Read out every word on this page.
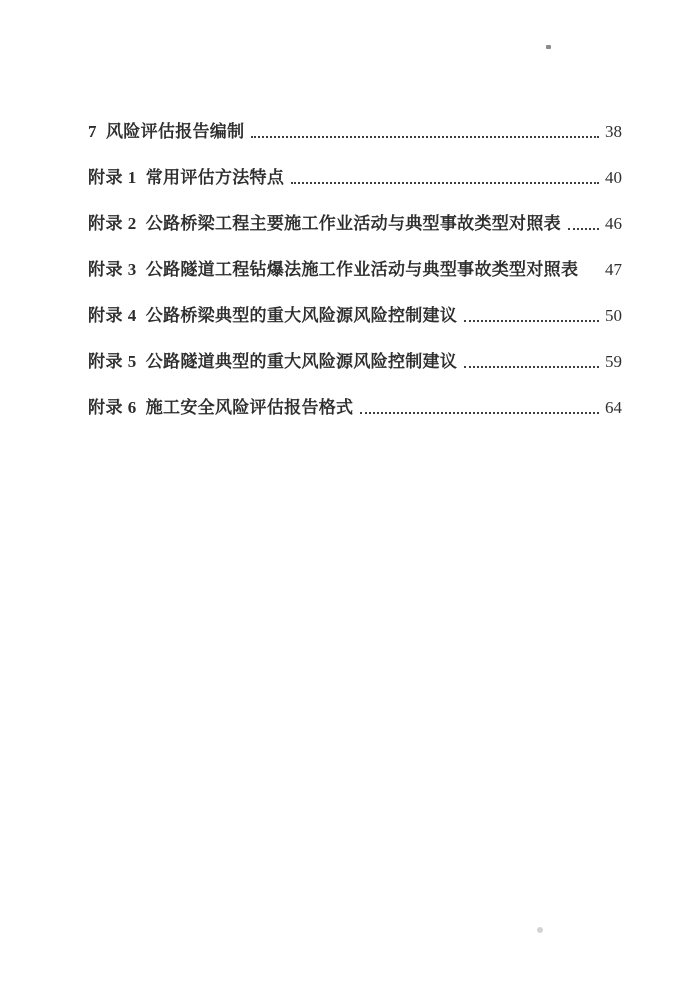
7 风险评估报告编制	38
附录 1 常用评估方法特点	40
附录 2 公路桥梁工程主要施工作业活动与典型事故类型对照表	46
附录 3 公路隧道工程钻爆法施工作业活动与典型事故类型对照表 47
附录 4 公路桥梁典型的重大风险源风险控制建议	50
附录 5 公路隧道典型的重大风险源风险控制建议	59
附录 6 施工安全风险评估报告格式	64
